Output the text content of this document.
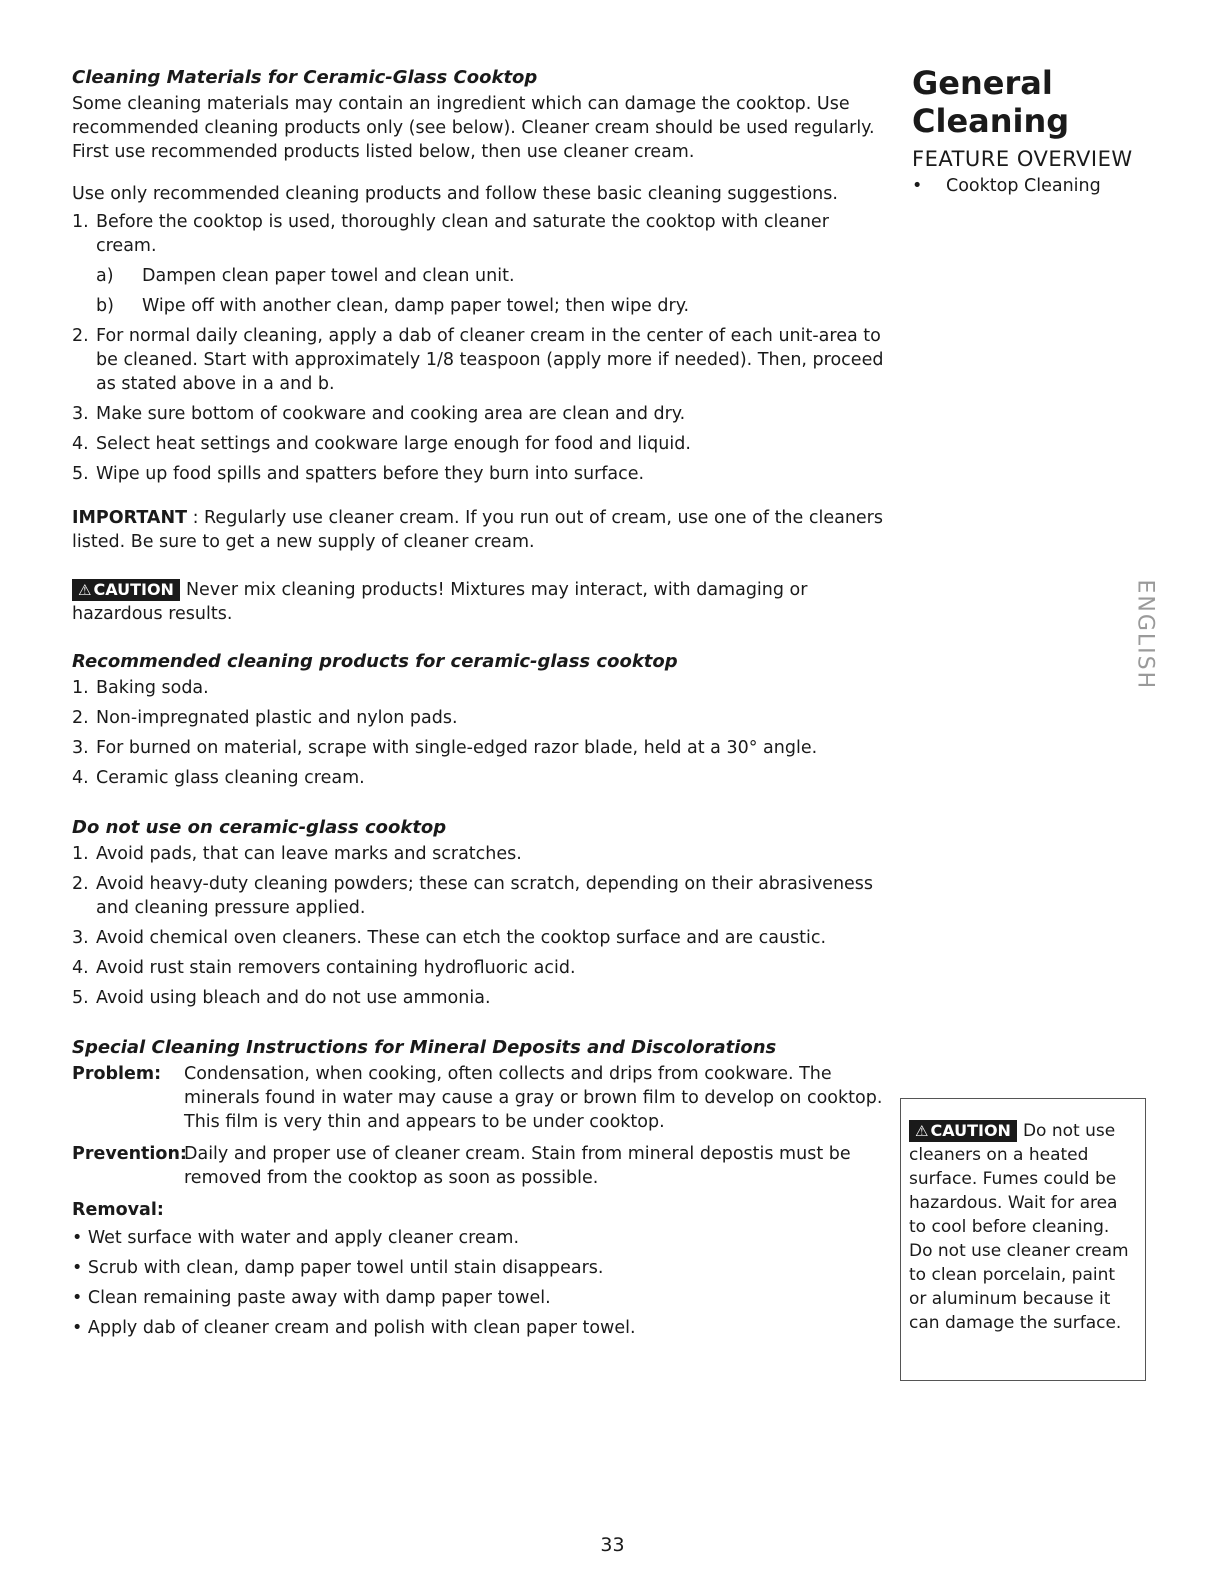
Cleaning Materials for Ceramic-Glass Cooktop
Some cleaning materials may contain an ingredient which can damage the cooktop. Use recommended cleaning products only (see below). Cleaner cream should be used regularly. First use recommended products listed below, then use cleaner cream.
Use only recommended cleaning products and follow these basic cleaning suggestions.
1. Before the cooktop is used, thoroughly clean and saturate the cooktop with cleaner cream.
a)	Dampen clean paper towel and clean unit.
b)	Wipe off with another clean, damp paper towel; then wipe dry.
2. For normal daily cleaning, apply a dab of cleaner cream in the center of each unit-area to be cleaned. Start with approximately 1/8 teaspoon (apply more if needed). Then, proceed as stated above in a and b.
3. Make sure bottom of cookware and cooking area are clean and dry.
4. Select heat settings and cookware large enough for food and liquid.
5. Wipe up food spills and spatters before they burn into surface.
IMPORTANT : Regularly use cleaner cream. If you run out of cream, use one of the cleaners listed. Be sure to get a new supply of cleaner cream.
⚠ CAUTION Never mix cleaning products! Mixtures may interact, with damaging or hazardous results.
Recommended cleaning products for ceramic-glass cooktop
1. Baking soda.
2. Non-impregnated plastic and nylon pads.
3. For burned on material, scrape with single-edged razor blade, held at a 30° angle.
4. Ceramic glass cleaning cream.
Do not use on ceramic-glass cooktop
1. Avoid pads, that can leave marks and scratches.
2. Avoid heavy-duty cleaning powders; these can scratch, depending on their abrasiveness and cleaning pressure applied.
3. Avoid chemical oven cleaners. These can etch the cooktop surface and are caustic.
4. Avoid rust stain removers containing hydrofluoric acid.
5. Avoid using bleach and do not use ammonia.
Special Cleaning Instructions for Mineral Deposits and Discolorations
Problem:	Condensation, when cooking, often collects and drips from cookware. The minerals found in water may cause a gray or brown film to develop on cooktop. This film is very thin and appears to be under cooktop.
Prevention:
Daily and proper use of cleaner cream. Stain from mineral depostis must be removed from the cooktop as soon as possible.
Removal:
• Wet surface with water and apply cleaner cream.
• Scrub with clean, damp paper towel until stain disappears.
• Clean remaining paste away with damp paper towel.
• Apply dab of cleaner cream and polish with clean paper towel.
General
Cleaning
FEATURE OVERVIEW
•	Cooktop Cleaning
ENGLISH
⚠ CAUTION Do not use cleaners on a heated surface. Fumes could be hazardous. Wait for area to cool before cleaning. Do not use cleaner cream to clean porcelain, paint or aluminum because it can damage the surface.
33
